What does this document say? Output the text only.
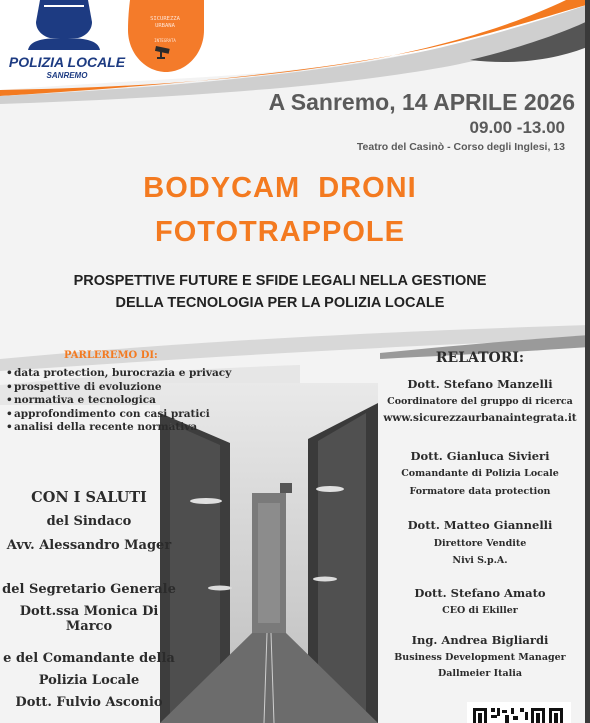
POLIZIA LOCALE
SANREMO
SICUREZZA
URBANA
INTEGRATA
A Sanremo, 14 APRILE 2026
09.00 -13.00
Teatro del Casinò - Corso degli Inglesi, 13
BODYCAM  DRONI
FOTOTRAPPOLE
PROSPETTIVE FUTURE E SFIDE LEGALI NELLA GESTIONE
DELLA TECNOLOGIA PER LA POLIZIA LOCALE
PARLEREMO DI:
• data protection, burocrazia e privacy
• prospettive di evoluzione
• normativa e tecnologica
• approfondimento con casi pratici
• analisi della recente normativa
CON I SALUTI
del Sindaco
Avv. Alessandro Mager
del Segretario Generale
Dott.ssa Monica Di Marco
e del Comandante della
Polizia Locale
Dott. Fulvio Asconio
RELATORI:
Dott. Stefano Manzelli
Coordinatore del gruppo di ricerca
www.sicurezzaurbanaintegrata.it
Dott. Gianluca Sivieri
Comandante di Polizia Locale
Formatore data protection
Dott. Matteo Giannelli
Direttore Vendite
Nivi S.p.A.
Dott. Stefano Amato
CEO di Ekiller
Ing. Andrea Bigliardi
Business Development Manager
Dallmeier Italia
